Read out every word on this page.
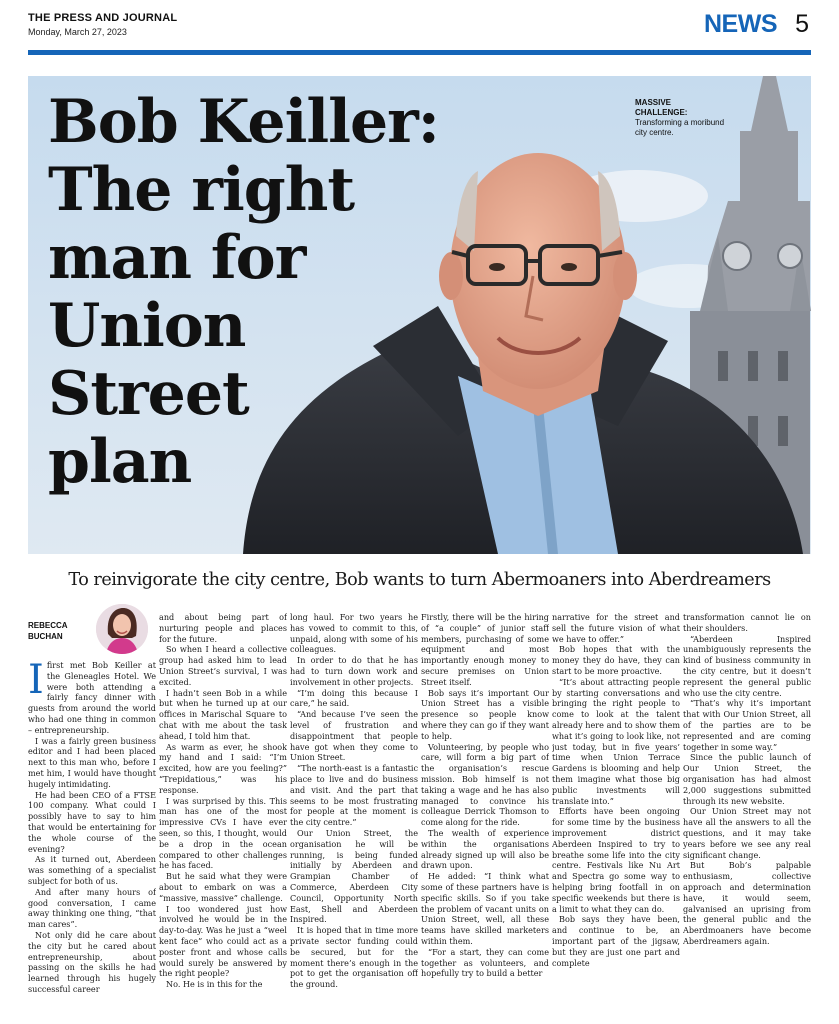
THE PRESS AND JOURNAL
Monday, March 27, 2023	NEWS 5
Bob Keiller:
The right
man for
Union
Street
plan
MASSIVE CHALLENGE:
Transforming a moribund city centre.

To reinvigorate the city centre, Bob wants to turn Abermoaners into Aberdreamers

REBECCA
BUCHAN
I first met Bob Keiller at the Gleneagles Hotel. We were both attending a fairly fancy dinner with guests from around the world who had one thing in common – entrepreneurship.

I was a fairly green business editor and I had been placed next to this man who, before I met him, I would have thought hugely intimidating.

He had been CEO of a FTSE 100 company. What could I possibly have to say to him that would be entertaining for the whole course of the evening?

As it turned out, Aberdeen was something of a specialist subject for both of us.

And after many hours of good conversation, I came away thinking one thing, “that man cares”.

Not only did he care about the city but he cared about entrepreneurship, about passing on the skills he had learned through his hugely successful career

and about being part of nurturing people and places for the future.

So when I heard a collective group had asked him to lead Union Street’s survival, I was excited.

I hadn’t seen Bob in a while but when he turned up at our offices in Marischal Square to chat with me about the task ahead, I told him that.

As warm as ever, he shook my hand and I said: “I’m excited, how are you feeling?” “Trepidatious,” was his response.

I was surprised by this. This man has one of the most impressive CVs I have ever seen, so this, I thought, would be a drop in the ocean compared to other challenges he has faced.

But he said what they were about to embark on was a “massive, massive” challenge.

I too wondered just how involved he would be in the day-to-day. Was he just a “weel kent face” who could act as a poster front and whose calls would surely be answered by the right people?

No. He is in this for the

long haul. For two years he has vowed to commit to this, unpaid, along with some of his colleagues.

In order to do that he has had to turn down work and involvement in other projects.

“I’m doing this because I care,” he said.

“And because I’ve seen the level of frustration and disappointment that people have got when they come to Union Street.

“The north-east is a fantastic place to live and do business and visit. And the part that seems to be most frustrating for people at the moment is the city centre.”

Our Union Street, the organisation he will be running, is being funded initially by Aberdeen and Grampian Chamber of Commerce, Aberdeen City Council, Opportunity North East, Shell and Aberdeen Inspired.

It is hoped that in time more private sector funding could be secured, but for the moment there’s enough in the pot to get the organisation off the ground.

Firstly, there will be the hiring of “a couple” of junior staff members, purchasing of some equipment and most importantly enough money to secure premises on Union Street itself.

Bob says it’s important Our Union Street has a visible presence so people know where they can go if they want to help.

Volunteering, by people who care, will form a big part of the organisation’s rescue mission. Bob himself is not taking a wage and he has also managed to convince his colleague Derrick Thomson to come along for the ride.

The wealth of experience within the organisations already signed up will also be drawn upon.

He added: “I think what some of these partners have is specific skills. So if you take the problem of vacant units on Union Street, well, all these teams have skilled marketers within them.

“For a start, they can come together as volunteers, and hopefully try to build a better

narrative for the street and sell the future vision of what we have to offer.”

Bob hopes that with the money they do have, they can start to be more proactive.

“It’s about attracting people by starting conversations and bringing the right people to come to look at the talent already here and to show them what it’s going to look like, not just today, but in five years’ time when Union Terrace Gardens is blooming and help them imagine what those big public investments will translate into.”

Efforts have been ongoing for some time by the business improvement district Aberdeen Inspired to try to breathe some life into the city centre. Festivals like Nu Art and Spectra go some way to helping bring footfall in on specific weekends but there is a limit to what they can do.

Bob says they have been, and continue to be, an important part of the jigsaw, but they are just one part and complete

transformation cannot lie on their shoulders.

“Aberdeen Inspired unambiguously represents the kind of business community in the city centre, but it doesn’t represent the general public who use the city centre.

“That’s why it’s important that with Our Union Street, all of the parties are to be represented and are coming together in some way.”

Since the public launch of Our Union Street, the organisation has had almost 2,000 suggestions submitted through its new website.

Our Union Street may not have all the answers to all the questions, and it may take years before we see any real significant change.

But Bob’s palpable enthusiasm, collective approach and determination have, it would seem, galvanised an uprising from the general public and the Aberdmoaners have become Aberdreamers again.
